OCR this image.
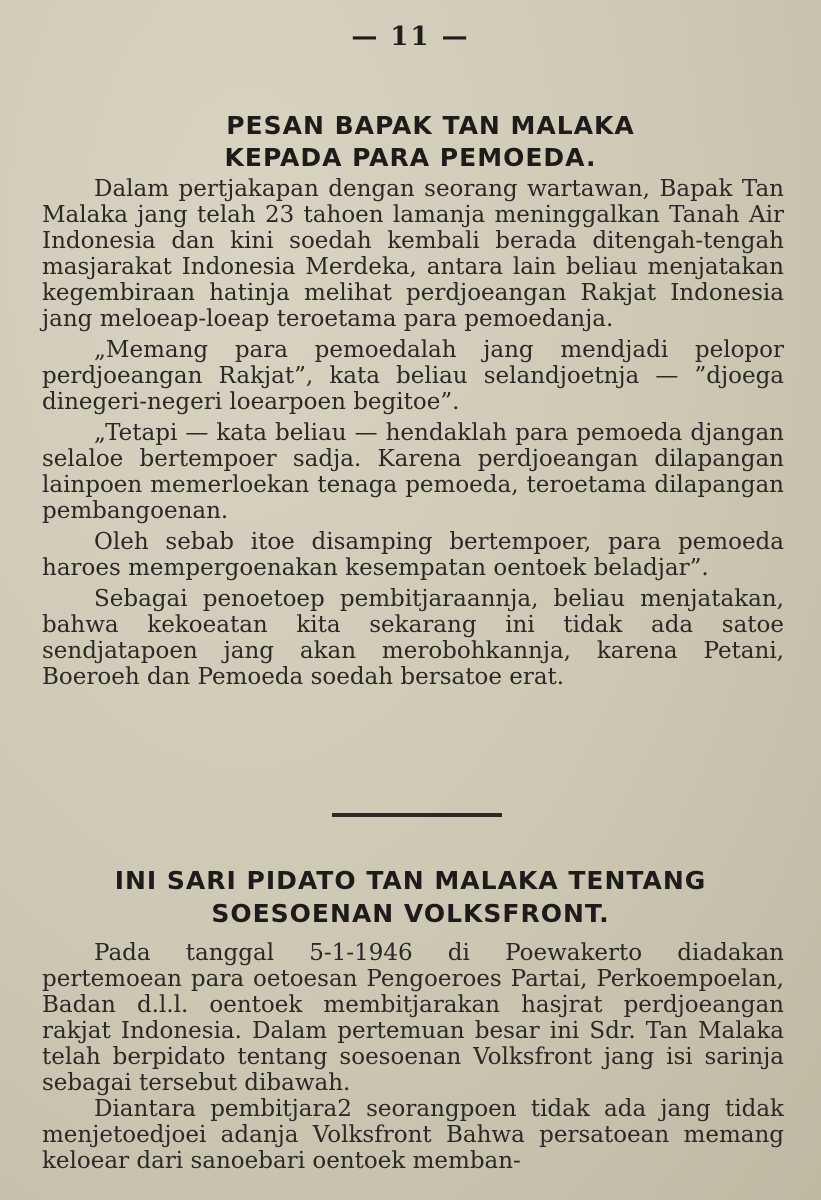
— 11 —
PESAN BAPAK TAN MALAKA
KEPADA PARA PEMOEDA.

Dalam pertjakapan dengan seorang wartawan, Bapak Tan Malaka jang telah 23 tahoen lamanja meninggalkan Tanah Air Indonesia dan kini soedah kembali berada ditengah-tengah masjarakat Indonesia Merdeka, antara lain beliau menjatakan kegembiraan hatinja melihat perdjoeangan Rakjat Indonesia jang meloeap-loeap teroetama para pemoedanja.

„Memang para pemoedalah jang mendjadi pelopor perdjoeangan Rakjat”, kata beliau selandjoetnja — ”djoega dinegeri-negeri loearpoen begitoe”.

„Tetapi — kata beliau — hendaklah para pemoeda djangan selaloe bertempoer sadja. Karena perdjoeangan dilapangan lainpoen memerloekan tenaga pemoeda, teroetama dilapangan pembangoenan.

Oleh sebab itoe disamping bertempoer, para pemoeda haroes mempergoenakan kesempatan oentoek beladjar”.

Sebagai penoetoep pembitjaraannja, beliau menjatakan, bahwa kekoeatan kita sekarang ini tidak ada satoe sendjatapoen jang akan merobohkannja, karena Petani, Boeroeh dan Pemoeda soedah bersatoe erat.

INI SARI PIDATO TAN MALAKA TENTANG
SOESOENAN VOLKSFRONT.

Pada tanggal 5-1-1946 di Poewakerto diadakan pertemoean para oetoesan Pengoeroes Partai, Perkoempoelan, Badan d.l.l. oentoek membitjarakan hasjrat perdjoeangan rakjat Indonesia. Dalam pertemuan besar ini Sdr. Tan Malaka telah berpidato tentang soesoenan Volksfront jang isi sarinja sebagai tersebut dibawah.

Diantara pembitjara2 seorangpoen tidak ada jang tidak menjetoedjoei adanja Volksfront Bahwa persatoean memang keloear dari sanoebari oentoek memban-
